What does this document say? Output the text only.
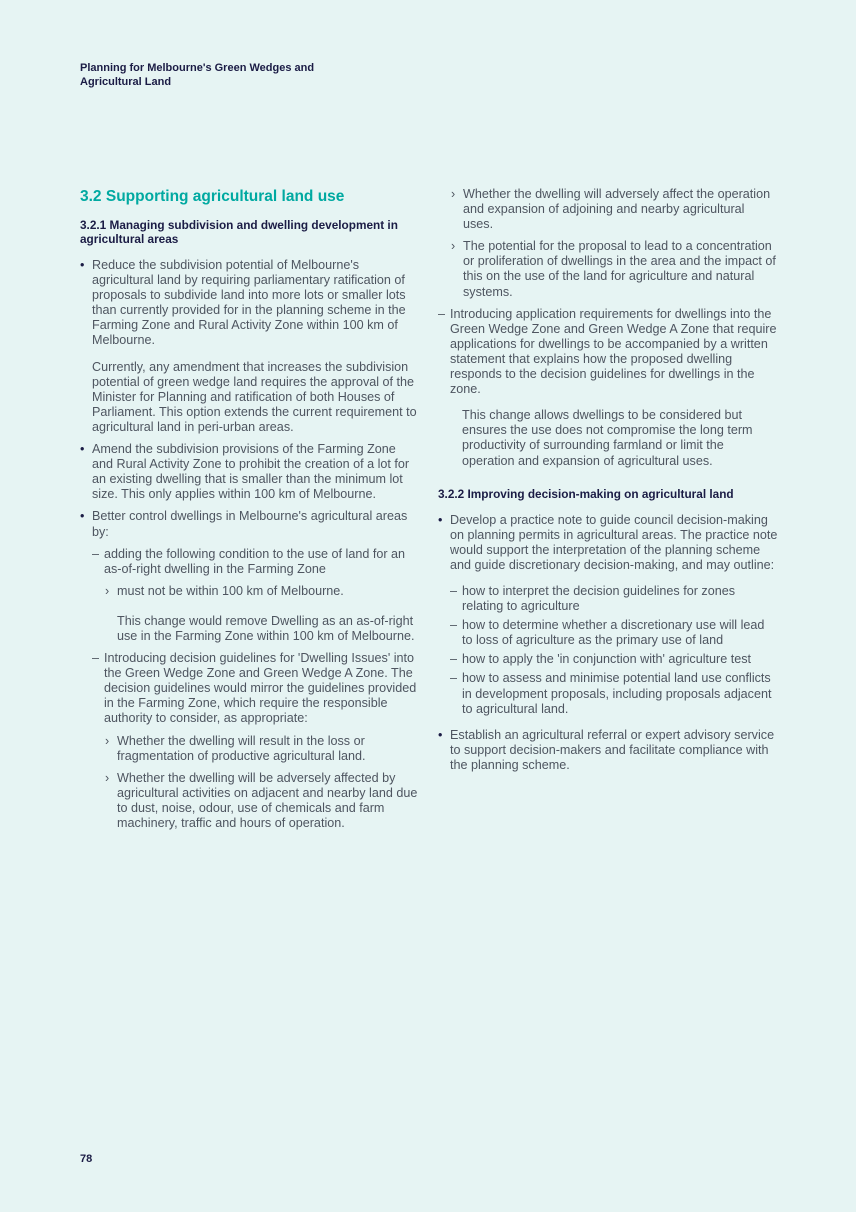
Planning for Melbourne's Green Wedges and Agricultural Land
3.2 Supporting agricultural land use
3.2.1 Managing subdivision and dwelling development in agricultural areas

• Reduce the subdivision potential of Melbourne's agricultural land by requiring parliamentary ratification of proposals to subdivide land into more lots or smaller lots than currently provided for in the planning scheme in the Farming Zone and Rural Activity Zone within 100 km of Melbourne.

Currently, any amendment that increases the subdivision potential of green wedge land requires the approval of the Minister for Planning and ratification of both Houses of Parliament. This option extends the current requirement to agricultural land in peri-urban areas.

• Amend the subdivision provisions of the Farming Zone and Rural Activity Zone to prohibit the creation of a lot for an existing dwelling that is smaller than the minimum lot size. This only applies within 100 km of Melbourne.

• Better control dwellings in Melbourne's agricultural areas by:

– adding the following condition to the use of land for an as-of-right dwelling in the Farming Zone

› must not be within 100 km of Melbourne.

This change would remove Dwelling as an as-of-right use in the Farming Zone within 100 km of Melbourne.

– Introducing decision guidelines for 'Dwelling Issues' into the Green Wedge Zone and Green Wedge A Zone. The decision guidelines would mirror the guidelines provided in the Farming Zone, which require the responsible authority to consider, as appropriate:

› Whether the dwelling will result in the loss or fragmentation of productive agricultural land.

› Whether the dwelling will be adversely affected by agricultural activities on adjacent and nearby land due to dust, noise, odour, use of chemicals and farm machinery, traffic and hours of operation.

› Whether the dwelling will adversely affect the operation and expansion of adjoining and nearby agricultural uses.

› The potential for the proposal to lead to a concentration or proliferation of dwellings in the area and the impact of this on the use of the land for agriculture and natural systems.

– Introducing application requirements for dwellings into the Green Wedge Zone and Green Wedge A Zone that require applications for dwellings to be accompanied by a written statement that explains how the proposed dwelling responds to the decision guidelines for dwellings in the zone.

This change allows dwellings to be considered but ensures the use does not compromise the long term productivity of surrounding farmland or limit the operation and expansion of agricultural uses.

3.2.2 Improving decision-making on agricultural land

• Develop a practice note to guide council decision-making on planning permits in agricultural areas. The practice note would support the interpretation of the planning scheme and guide discretionary decision-making, and may outline:

– how to interpret the decision guidelines for zones relating to agriculture

– how to determine whether a discretionary use will lead to loss of agriculture as the primary use of land

– how to apply the 'in conjunction with' agriculture test

– how to assess and minimise potential land use conflicts in development proposals, including proposals adjacent to agricultural land.

• Establish an agricultural referral or expert advisory service to support decision-makers and facilitate compliance with the planning scheme.

78
